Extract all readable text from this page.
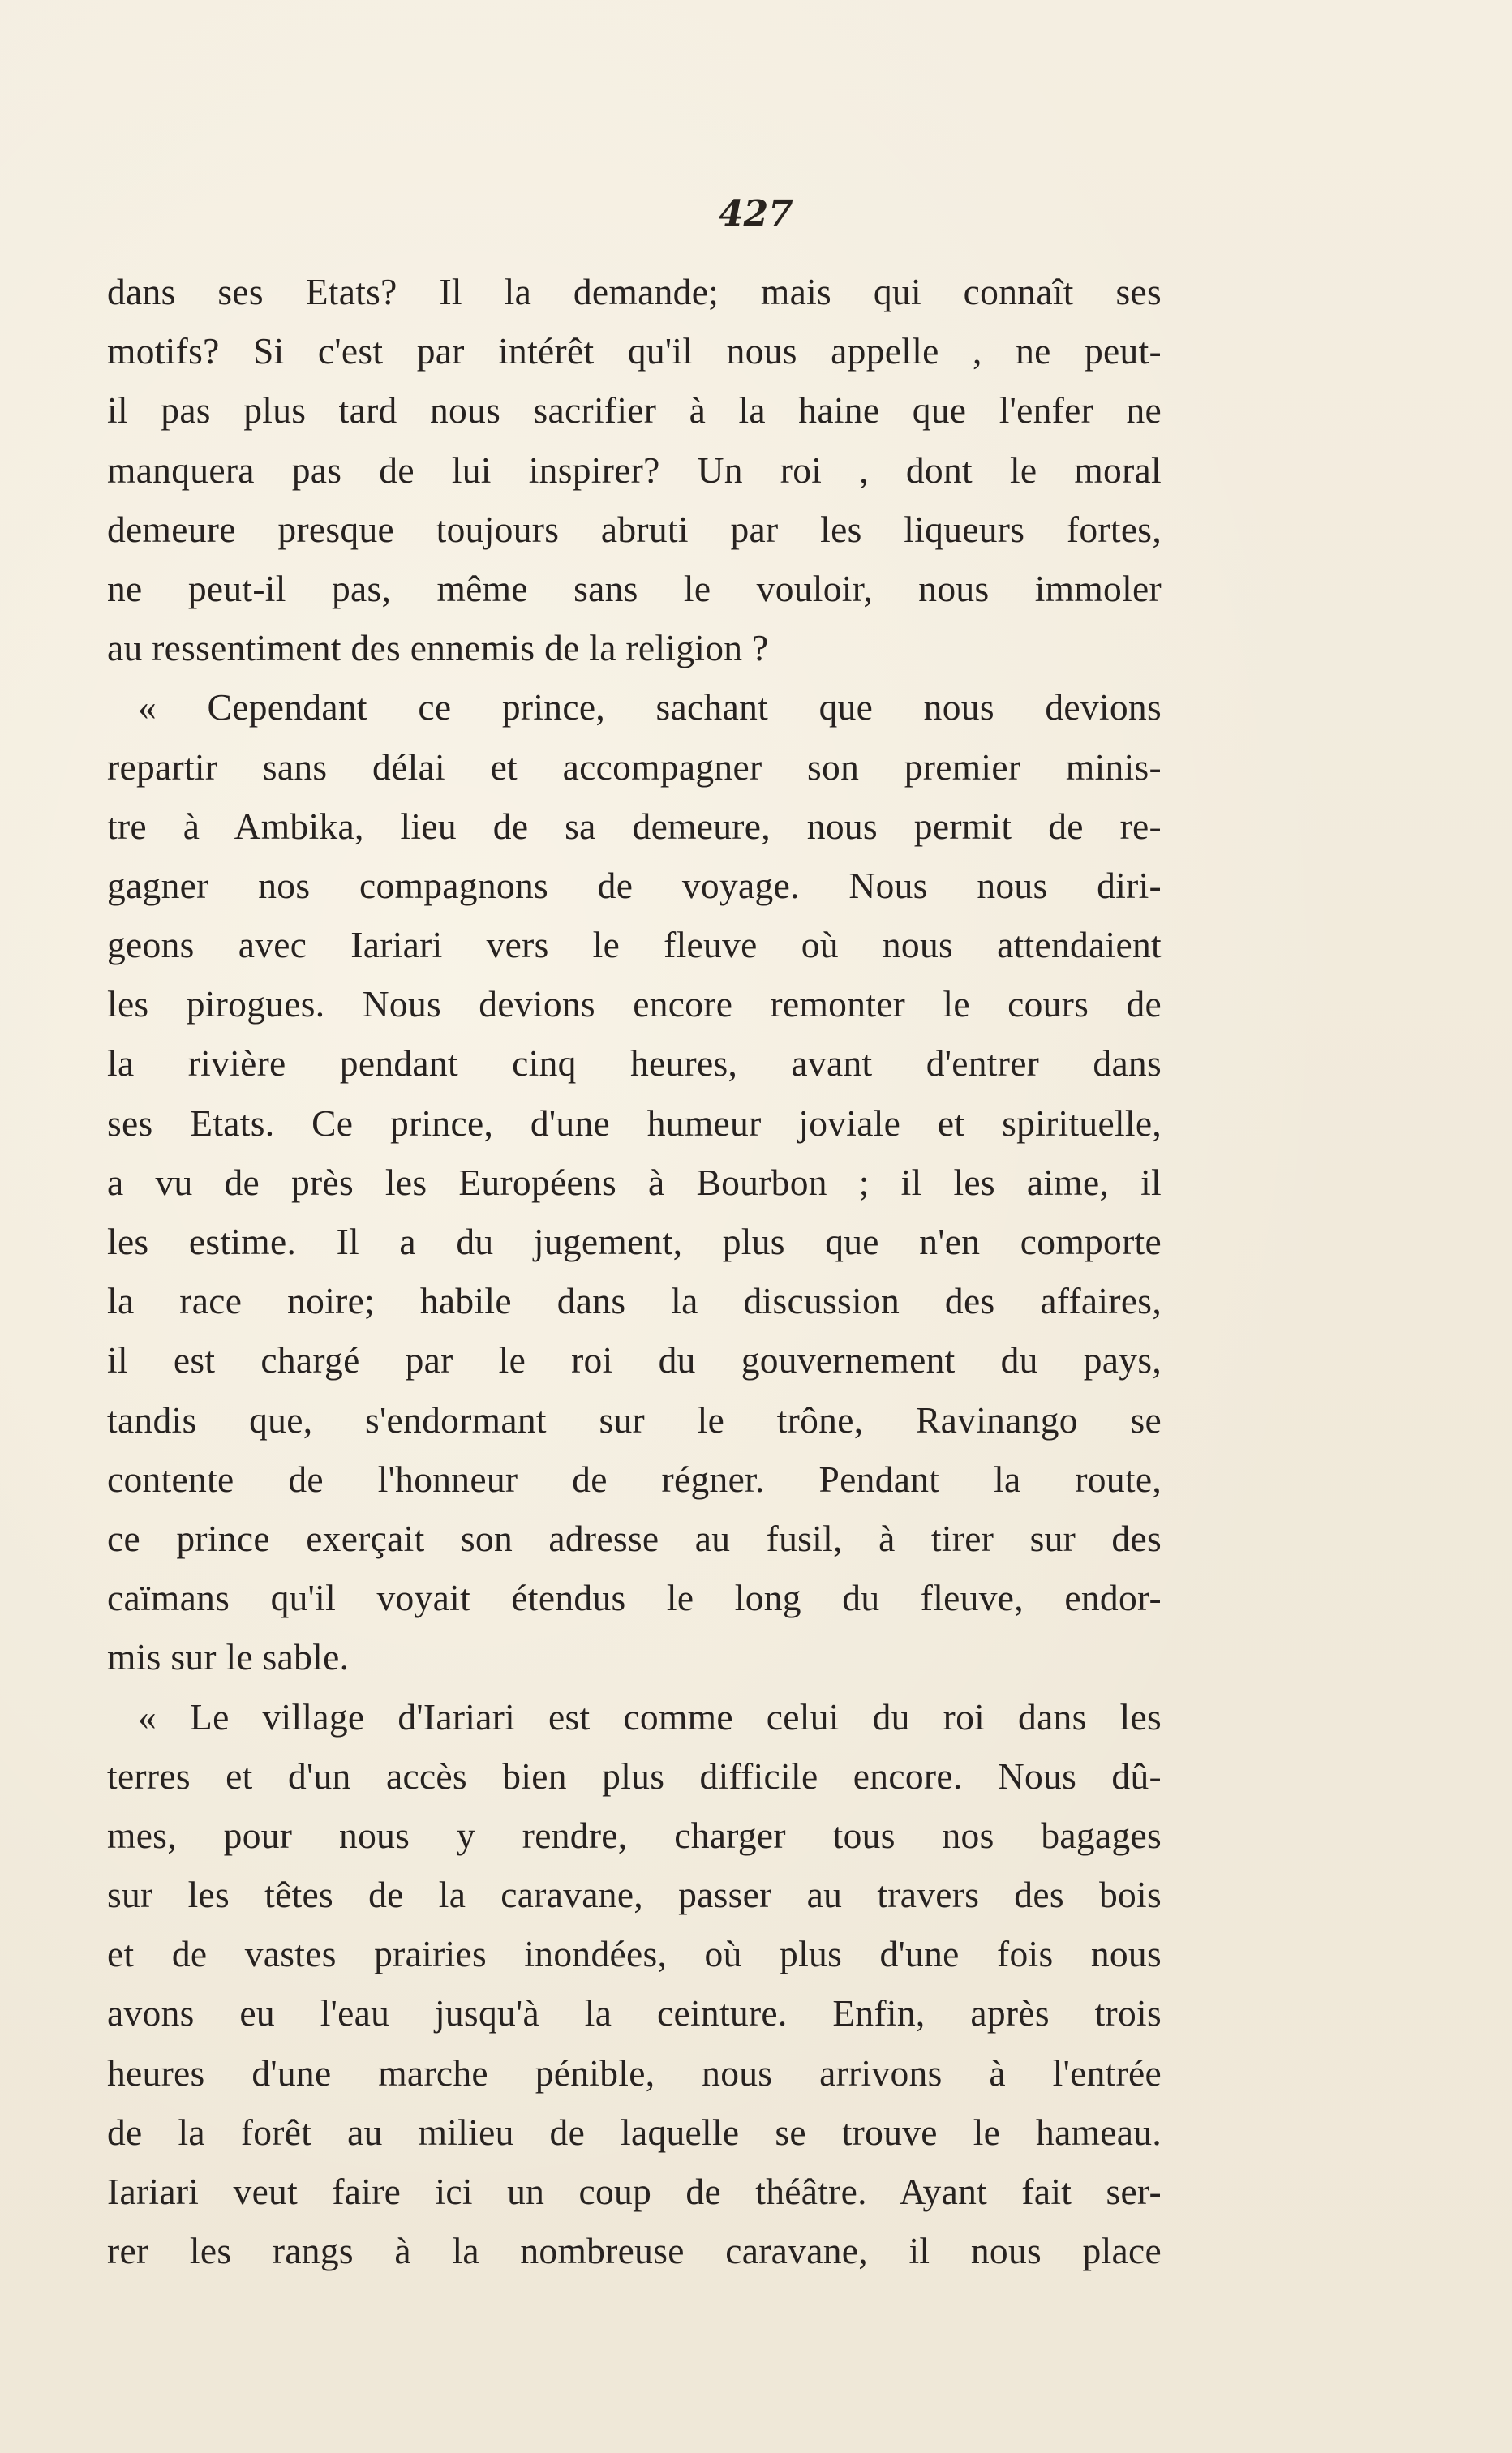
427
dans ses Etats? Il la demande; mais qui connaît ses
motifs? Si c'est par intérêt qu'il nous appelle , ne peut-
il pas plus tard nous sacrifier à la haine que l'enfer ne
manquera pas de lui inspirer? Un roi , dont le moral
demeure presque toujours abruti par les liqueurs fortes,
ne peut-il pas, même sans le vouloir, nous immoler
au ressentiment des ennemis de la religion ?
« Cependant ce prince, sachant que nous devions
repartir sans délai et accompagner son premier minis-
tre à Ambika, lieu de sa demeure, nous permit de re-
gagner nos compagnons de voyage. Nous nous diri-
geons avec Iariari vers le fleuve où nous attendaient
les pirogues. Nous devions encore remonter le cours de
la rivière pendant cinq heures, avant d'entrer dans
ses Etats. Ce prince, d'une humeur joviale et spirituelle,
a vu de près les Européens à Bourbon ; il les aime, il
les estime. Il a du jugement, plus que n'en comporte
la race noire; habile dans la discussion des affaires,
il est chargé par le roi du gouvernement du pays,
tandis que, s'endormant sur le trône, Ravinango se
contente de l'honneur de régner. Pendant la route,
ce prince exerçait son adresse au fusil, à tirer sur des
caïmans qu'il voyait étendus le long du fleuve, endor-
mis sur le sable.
« Le village d'Iariari est comme celui du roi dans les
terres et d'un accès bien plus difficile encore. Nous dû-
mes, pour nous y rendre, charger tous nos bagages
sur les têtes de la caravane, passer au travers des bois
et de vastes prairies inondées, où plus d'une fois nous
avons eu l'eau jusqu'à la ceinture. Enfin, après trois
heures d'une marche pénible, nous arrivons à l'entrée
de la forêt au milieu de laquelle se trouve le hameau.
Iariari veut faire ici un coup de théâtre. Ayant fait ser-
rer les rangs à la nombreuse caravane, il nous place
